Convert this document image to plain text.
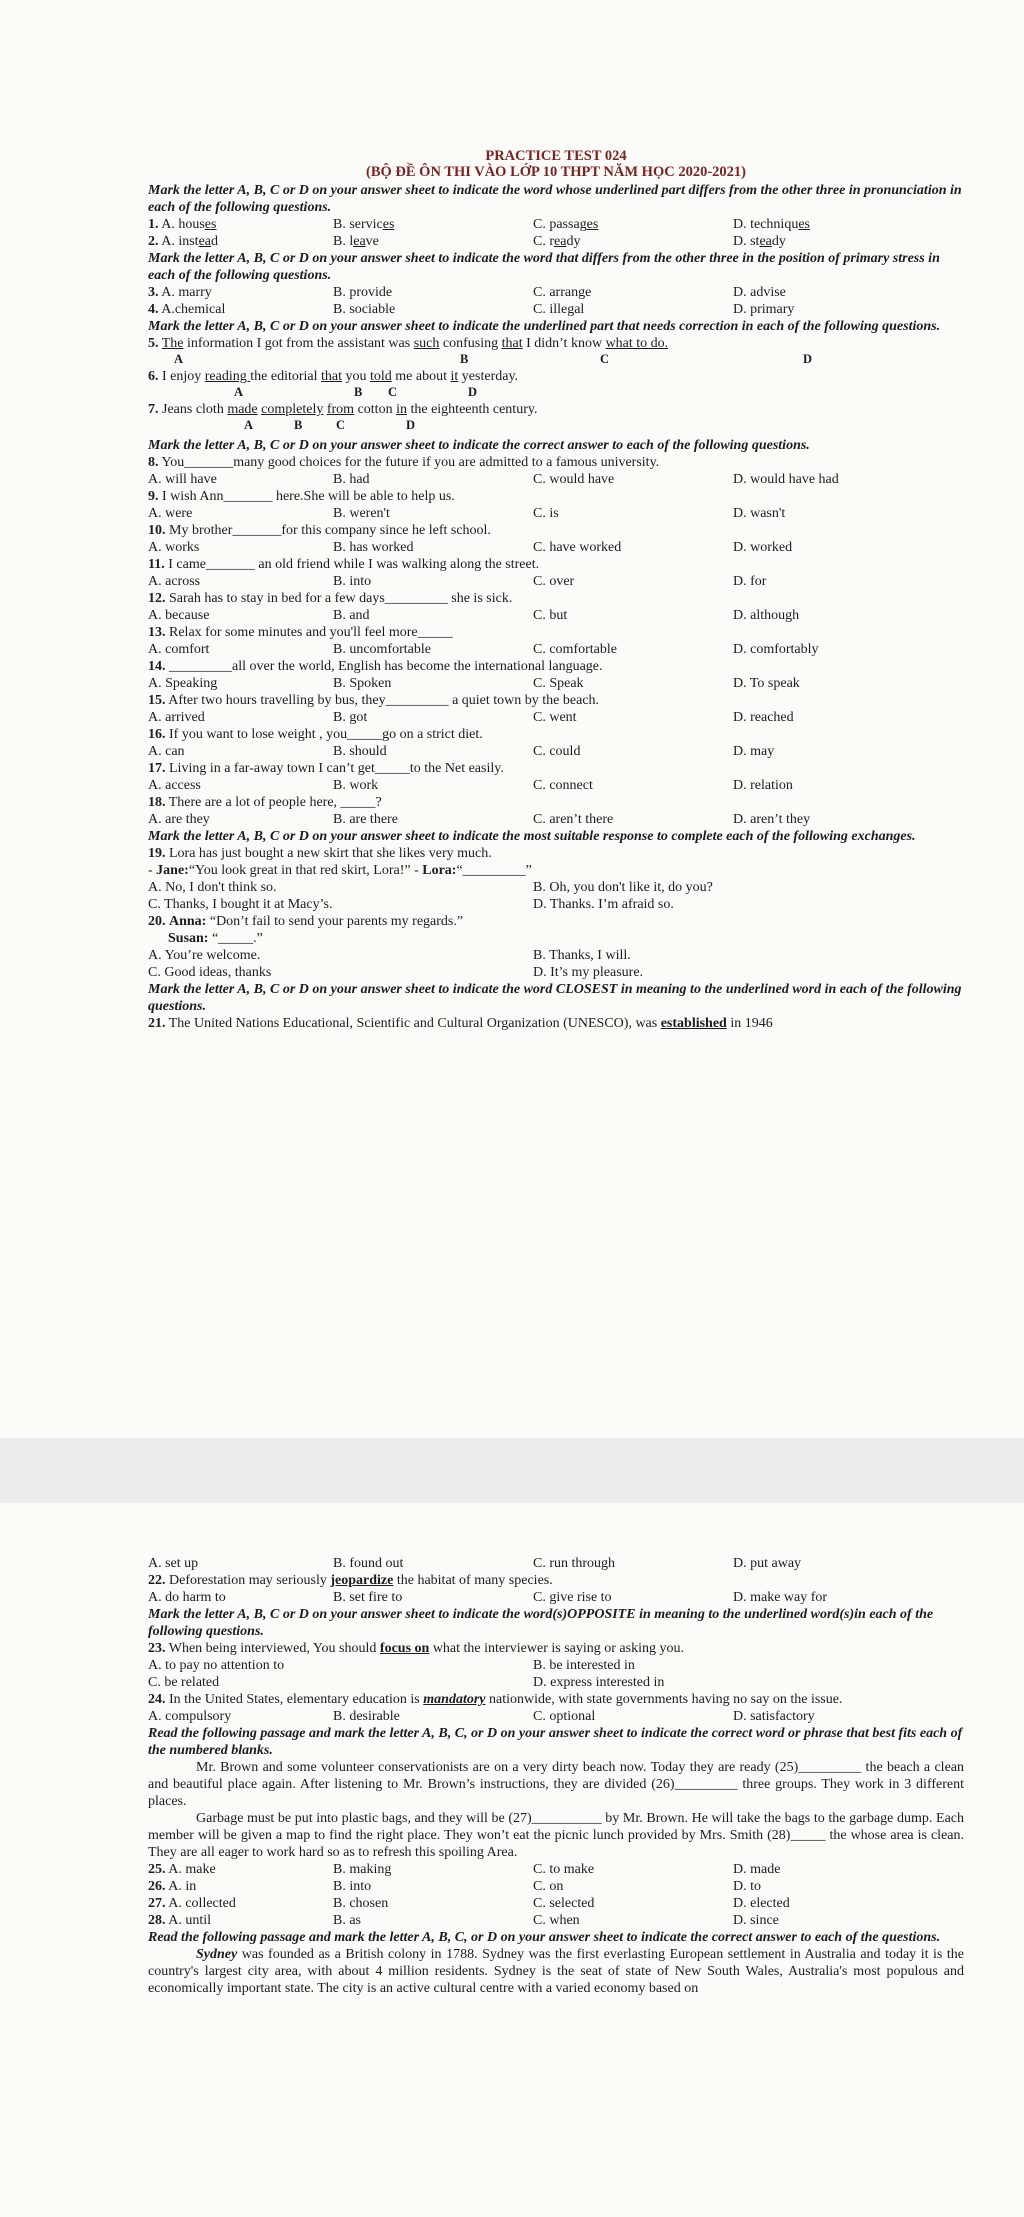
PRACTICE TEST 024
(BỘ ĐỀ ÔN THI VÀO LỚP 10 THPT NĂM HỌC 2020-2021)
Mark the letter A, B, C or D on your answer sheet to indicate the word whose underlined part differs from the other three in pronunciation in each of the following questions.
1. A. houses	B. services	C. passages	D. techniques
2. A. instead	B. leave	C. ready	D. steady
Mark the letter A, B, C or D on your answer sheet to indicate the word that differs from the other three in the position of primary stress in each of the following questions.
3. A. marry	B. provide	C. arrange	D. advise
4. A.chemical	B. sociable	C. illegal	D. primary
Mark the letter A, B, C or D on your answer sheet to indicate the underlined part that needs correction in each of the following questions.
5. The information I got from the assistant was such confusing that I didn’t know what to do.
A	B	C	D
6. I enjoy reading the editorial that you told me about it yesterday.
A	B C	D
7. Jeans cloth made completely from cotton in the eighteenth century.
A	B	C	D
Mark the letter A, B, C or D on your answer sheet to indicate the correct answer to each of the following questions.
8. You_______many good choices for the future if you are admitted to a famous university.
A. will have	B. had	C. would have	D. would have had
9. I wish Ann_______ here.She will be able to help us.
A. were	B. weren't	C. is	D. wasn't
10. My brother_______for this company since he left school.
A. works	B. has worked	C. have worked	D. worked
11. I came_______ an old friend while I was walking along the street.
A. across	B. into	C. over	D. for
12. Sarah has to stay in bed for a few days_________ she is sick.
A. because	B. and	C. but	D. although
13. Relax for some minutes and you'll feel more_____
A. comfort	B. uncomfortable	C. comfortable	D. comfortably
14. _________all over the world, English has become the international language.
A. Speaking	B. Spoken	C. Speak	D. To speak
15. After two hours travelling by bus, they_________ a quiet town by the beach.
A. arrived	B. got	C. went	D. reached
16. If you want to lose weight , you_____go on a strict diet.
A. can	B. should	C. could	D. may
17. Living in a far-away town I can’t get_____to the Net easily.
A. access	B. work	C. connect	D. relation
18. There are a lot of people here, _____?
A. are they	B. are there	C. aren’t there	D. aren’t they
Mark the letter A, B, C or D on your answer sheet to indicate the most suitable response to complete each of the following exchanges.
19. Lora has just bought a new skirt that she likes very much.
- Jane:“You look great in that red skirt, Lora!” - Lora:“_________”
A. No, I don't think so.	B. Oh, you don't like it, do you?
C. Thanks, I bought it at Macy’s.	D. Thanks. I’m afraid so.
20. Anna: “Don’t fail to send your parents my regards.”
Susan: “_____.”
A. You’re welcome.	B. Thanks, I will.
C. Good ideas, thanks	D. It’s my pleasure.
Mark the letter A, B, C or D on your answer sheet to indicate the word CLOSEST in meaning to the underlined word in each of the following questions.
21. The United Nations Educational, Scientific and Cultural Organization (UNESCO), was established in 1946
A. set up	B. found out	C. run through	D. put away
22. Deforestation may seriously jeopardize the habitat of many species.
A. do harm to	B. set fire to	C. give rise to	D. make way for
Mark the letter A, B, C or D on your answer sheet to indicate the word(s)OPPOSITE in meaning to the underlined word(s)in each of the following questions.
23. When being interviewed, You should focus on what the interviewer is saying or asking you.
A. to pay no attention to	B. be interested in
C. be related	D. express interested in
24. In the United States, elementary education is mandatory nationwide, with state governments having no say on the issue.
A. compulsory	B. desirable	C. optional	D. satisfactory
Read the following passage and mark the letter A, B, C, or D on your answer sheet to indicate the correct word or phrase that best fits each of the numbered blanks.
Mr. Brown and some volunteer conservationists are on a very dirty beach now. Today they are ready (25)_________ the beach a clean and beautiful place again. After listening to Mr. Brown’s instructions, they are divided (26)_________ three groups. They work in 3 different places.
Garbage must be put into plastic bags, and they will be (27)__________ by Mr. Brown. He will take the bags to the garbage dump. Each member will be given a map to find the right place. They won’t eat the picnic lunch provided by Mrs. Smith (28)_____ the whose area is clean. They are all eager to work hard so as to refresh this spoiling Area.
25. A. make	B. making	C. to make	D. made
26. A. in	B. into	C. on	D. to
27. A. collected	B. chosen	C. selected	D. elected
28. A. until	B. as	C. when	D. since
Read the following passage and mark the letter A, B, C, or D on your answer sheet to indicate the correct answer to each of the questions.
Sydney was founded as a British colony in 1788. Sydney was the first everlasting European settlement in Australia and today it is the country's largest city area, with about 4 million residents. Sydney is the seat of state of New South Wales, Australia's most populous and economically important state. The city is an active cultural centre with a varied economy based on
